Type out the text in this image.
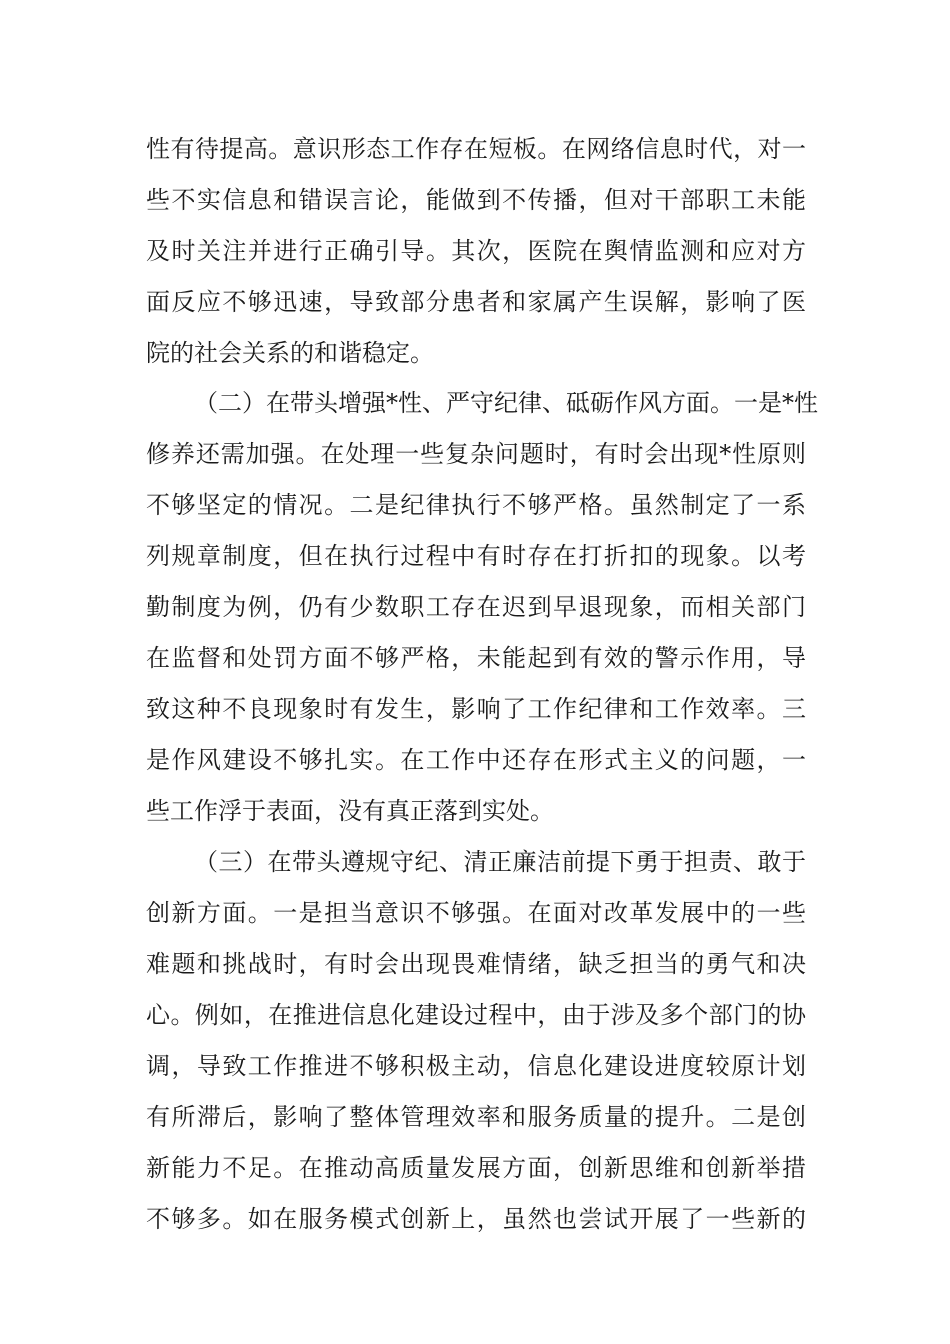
性有待提高。意识形态工作存在短板。在网络信息时代，对一
些不实信息和错误言论，能做到不传播，但对干部职工未能
及时关注并进行正确引导。其次，医院在舆情监测和应对方
面反应不够迅速，导致部分患者和家属产生误解，影响了医
院的社会关系的和谐稳定。
（二）在带头增强*性、严守纪律、砥砺作风方面。一是*性
修养还需加强。在处理一些复杂问题时，有时会出现*性原则
不够坚定的情况。二是纪律执行不够严格。虽然制定了一系
列规章制度，但在执行过程中有时存在打折扣的现象。以考
勤制度为例，仍有少数职工存在迟到早退现象，而相关部门
在监督和处罚方面不够严格，未能起到有效的警示作用，导
致这种不良现象时有发生，影响了工作纪律和工作效率。三
是作风建设不够扎实。在工作中还存在形式主义的问题，一
些工作浮于表面，没有真正落到实处。
（三）在带头遵规守纪、清正廉洁前提下勇于担责、敢于
创新方面。一是担当意识不够强。在面对改革发展中的一些
难题和挑战时，有时会出现畏难情绪，缺乏担当的勇气和决
心。例如，在推进信息化建设过程中，由于涉及多个部门的协
调，导致工作推进不够积极主动，信息化建设进度较原计划
有所滞后，影响了整体管理效率和服务质量的提升。二是创
新能力不足。在推动高质量发展方面，创新思维和创新举措
不够多。如在服务模式创新上，虽然也尝试开展了一些新的
